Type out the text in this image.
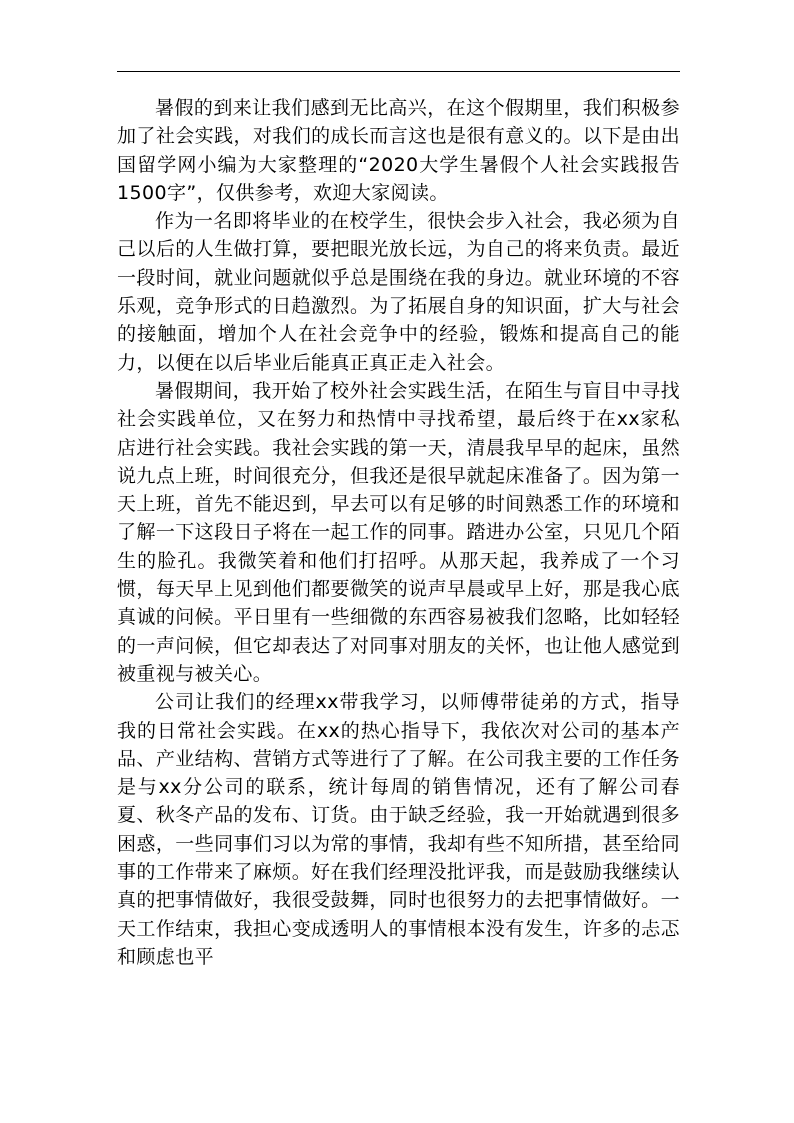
暑假的到来让我们感到无比高兴，在这个假期里，我们积极参加了社会实践，对我们的成长而言这也是很有意义的。以下是由出国留学网小编为大家整理的“2020大学生暑假个人社会实践报告1500字”，仅供参考，欢迎大家阅读。

作为一名即将毕业的在校学生，很快会步入社会，我必须为自己以后的人生做打算，要把眼光放长远，为自己的将来负责。最近一段时间，就业问题就似乎总是围绕在我的身边。就业环境的不容乐观，竞争形式的日趋激烈。为了拓展自身的知识面，扩大与社会的接触面，增加个人在社会竞争中的经验，锻炼和提高自己的能力，以便在以后毕业后能真正真正走入社会。

暑假期间，我开始了校外社会实践生活，在陌生与盲目中寻找社会实践单位，又在努力和热情中寻找希望，最后终于在xx家私店进行社会实践。我社会实践的第一天，清晨我早早的起床，虽然说九点上班，时间很充分，但我还是很早就起床准备了。因为第一天上班，首先不能迟到，早去可以有足够的时间熟悉工作的环境和了解一下这段日子将在一起工作的同事。踏进办公室，只见几个陌生的脸孔。我微笑着和他们打招呼。从那天起，我养成了一个习惯，每天早上见到他们都要微笑的说声早晨或早上好，那是我心底真诚的问候。平日里有一些细微的东西容易被我们忽略，比如轻轻的一声问候，但它却表达了对同事对朋友的关怀，也让他人感觉到被重视与被关心。

公司让我们的经理xx带我学习，以师傅带徒弟的方式，指导我的日常社会实践。在xx的热心指导下，我依次对公司的基本产品、产业结构、营销方式等进行了了解。在公司我主要的工作任务是与xx分公司的联系，统计每周的销售情况，还有了解公司春夏、秋冬产品的发布、订货。由于缺乏经验，我一开始就遇到很多困惑，一些同事们习以为常的事情，我却有些不知所措，甚至给同事的工作带来了麻烦。好在我们经理没批评我，而是鼓励我继续认真的把事情做好，我很受鼓舞，同时也很努力的去把事情做好。一天工作结束，我担心变成透明人的事情根本没有发生，许多的忐忑和顾虑也平
